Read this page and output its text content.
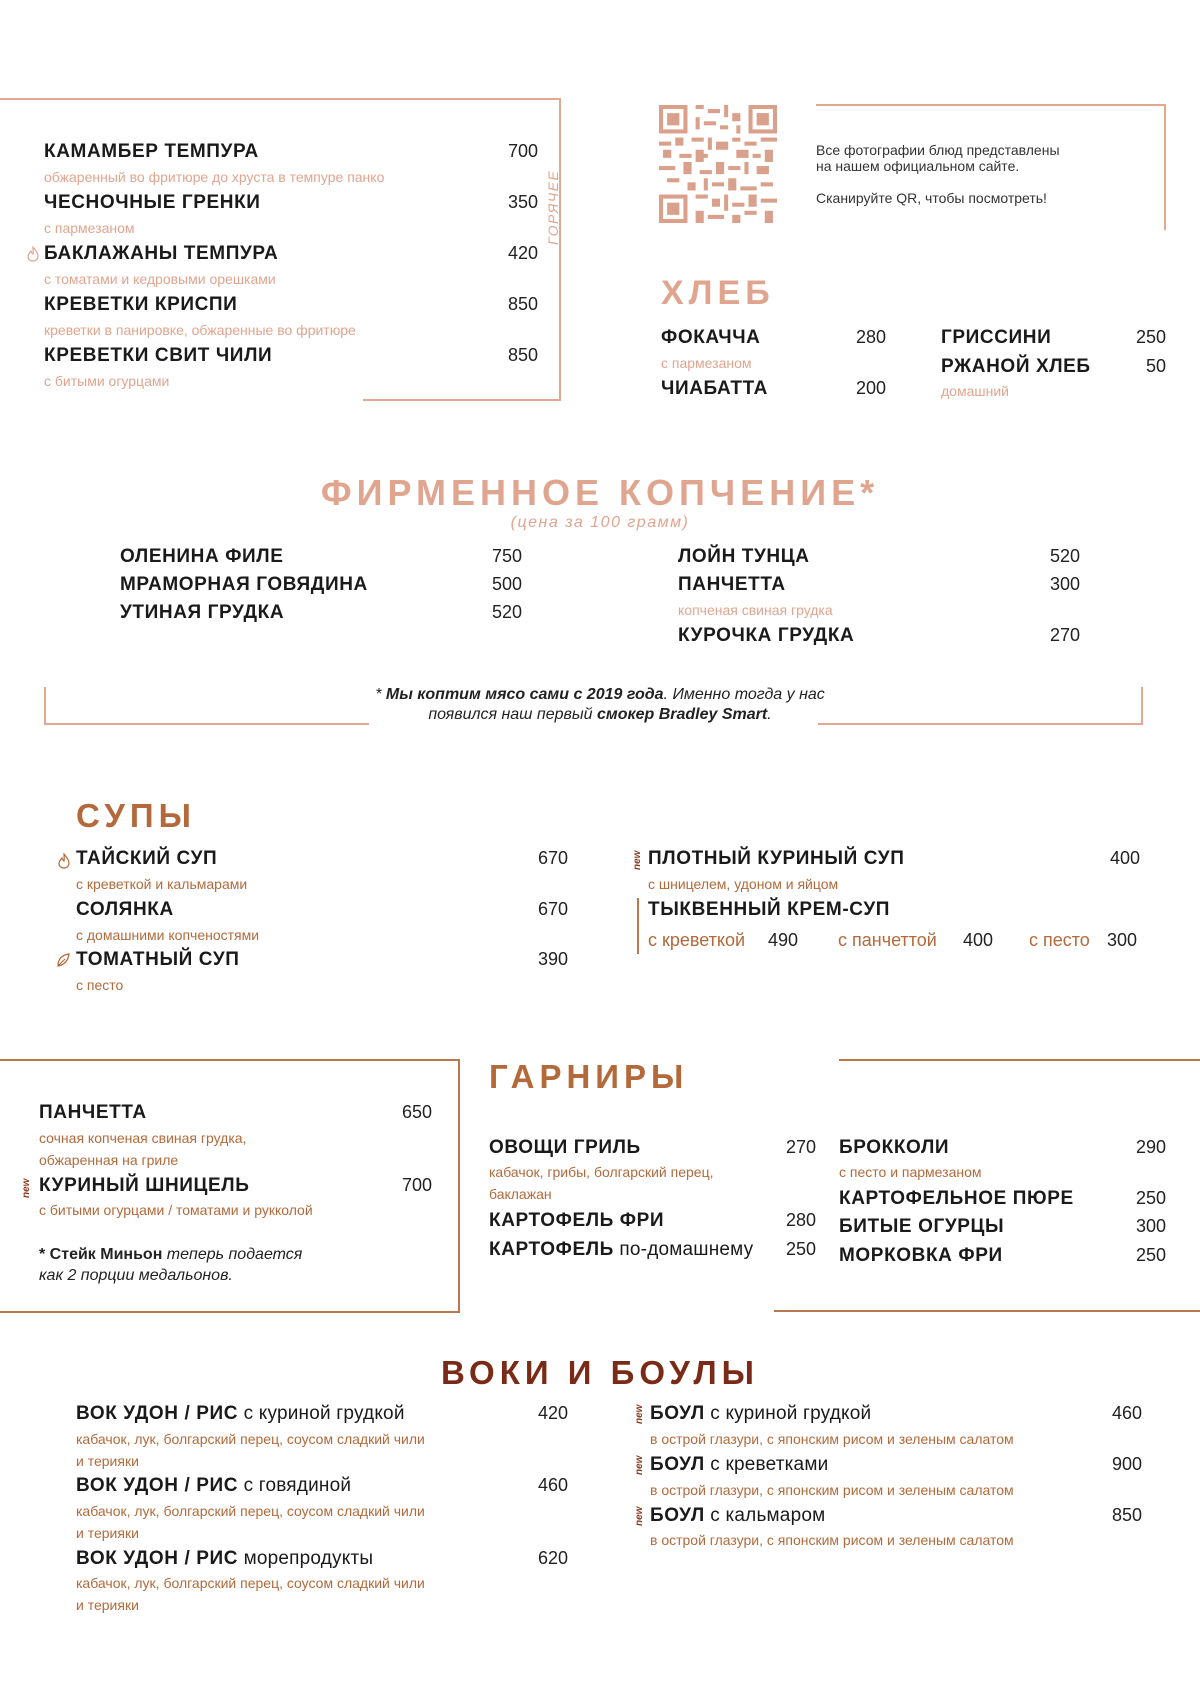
ГОРЯЧЕЕ
КАМАМБЕР ТЕМПУРА	700
обжаренный во фритюре до хруста в темпуре панко
ЧЕСНОЧНЫЕ ГРЕНКИ	350
с пармезаном
БАКЛАЖАНЫ ТЕМПУРА	420
с томатами и кедровыми орешками
КРЕВЕТКИ КРИСПИ	850
креветки в панировке, обжаренные во фритюре
КРЕВЕТКИ СВИТ ЧИЛИ	850
с битыми огурцами
Все фотографии блюд представлены
на нашем официальном сайте.
Сканируйте QR, чтобы посмотреть!
ХЛЕБ
ФОКАЧЧА	280
с пармезаном
ЧИАБАТТА	200
ГРИССИНИ	250
РЖАНОЙ ХЛЕБ	50
домашний
ФИРМЕННОЕ КОПЧЕНИЕ*
(цена за 100 грамм)
ОЛЕНИНА ФИЛЕ	750
МРАМОРНАЯ ГОВЯДИНА	500
УТИНАЯ ГРУДКА	520
ЛОЙН ТУНЦА	520
ПАНЧЕТТА	300
копченая свиная грудка
КУРОЧКА ГРУДКА	270
* Мы коптим мясо сами с 2019 года. Именно тогда у нас
появился наш первый смокер Bradley Smart.
СУПЫ
ТАЙСКИЙ СУП	670
с креветкой и кальмарами
СОЛЯНКА	670
с домашними копченостями
ТОМАТНЫЙ СУП	390
с песто
new ПЛОТНЫЙ КУРИНЫЙ СУП	400
с шницелем, удоном и яйцом
ТЫКВЕННЫЙ КРЕМ-СУП
с креветкой 490	с панчеттой 400	с песто 300
ГАРНИРЫ
ПАНЧЕТТА	650
сочная копченая свиная грудка,
обжаренная на гриле
new КУРИНЫЙ ШНИЦЕЛЬ	700
с битыми огурцами / томатами и рукколой
* Стейк Миньон теперь подается
как 2 порции медальонов.
ОВОЩИ ГРИЛЬ	270
кабачок, грибы, болгарский перец,
баклажан
КАРТОФЕЛЬ ФРИ	280
КАРТОФЕЛЬ по-домашнему	250
БРОККОЛИ	290
с песто и пармезаном
КАРТОФЕЛЬНОЕ ПЮРЕ	250
БИТЫЕ ОГУРЦЫ	300
МОРКОВКА ФРИ	250
ВОКИ И БОУЛЫ
ВОК УДОН / РИС с куриной грудкой	420
кабачок, лук, болгарский перец, соусом сладкий чили
и терияки
ВОК УДОН / РИС с говядиной	460
кабачок, лук, болгарский перец, соусом сладкий чили
и терияки
ВОК УДОН / РИС морепродукты	620
кабачок, лук, болгарский перец, соусом сладкий чили
и терияки
new БОУЛ с куриной грудкой	460
в острой глазури, с японским рисом и зеленым салатом
new БОУЛ с креветками	900
в острой глазури, с японским рисом и зеленым салатом
new БОУЛ с кальмаром	850
в острой глазури, с японским рисом и зеленым салатом
